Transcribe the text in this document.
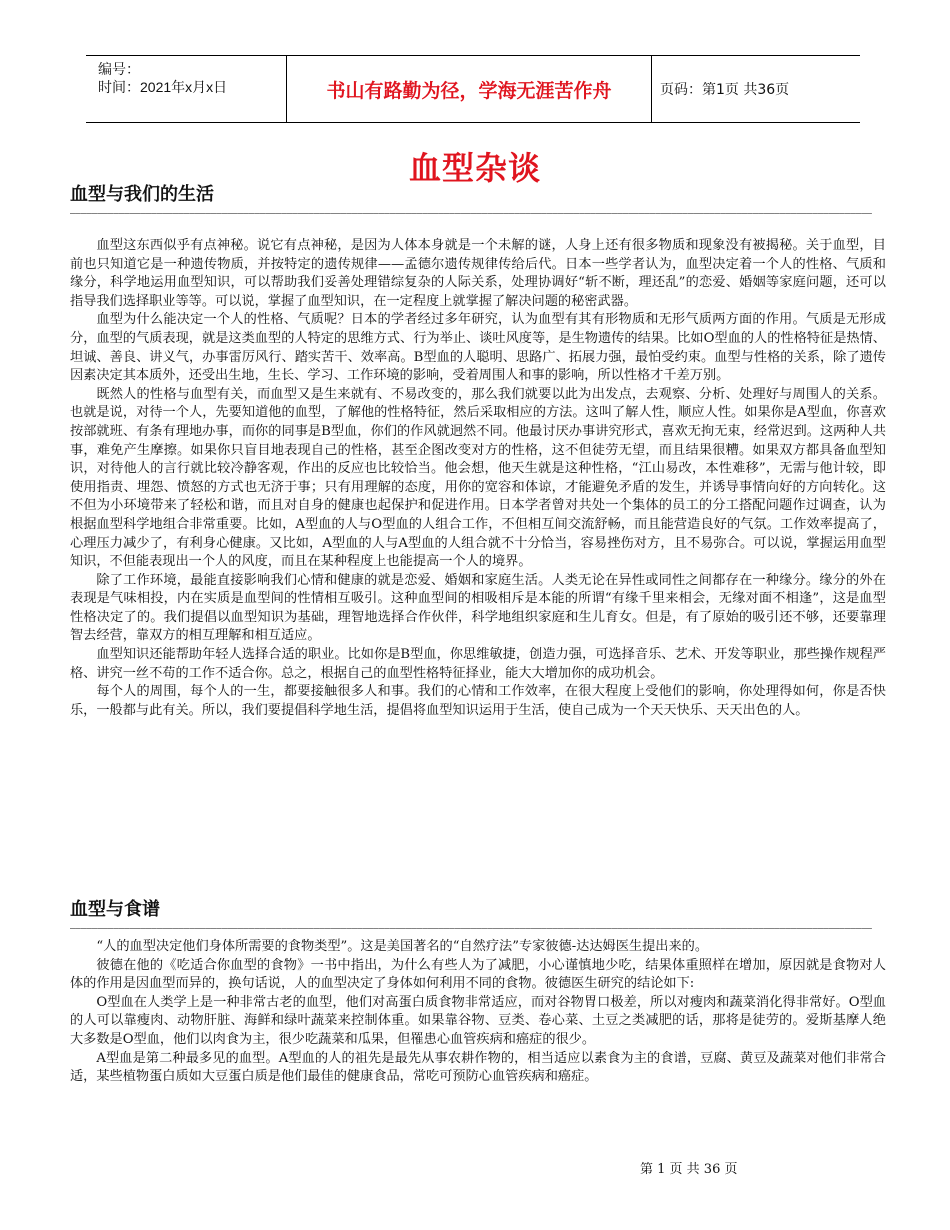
编号：
时间：2021年x月x日	书山有路勤为径，学海无涯苦作舟	页码：第1页 共36页
血型杂谈
血型与我们的生活
————————————————————————————————————————————————————————————————————————————————————————————————————————————————————————————————————————————————————

血型这东西似乎有点神秘。说它有点神秘，是因为人体本身就是一个未解的谜，人身上还有很多物质和现象没有被揭秘。关于血型，目前也只知道它是一种遗传物质，并按特定的遗传规律——孟德尔遗传规律传给后代。日本一些学者认为，血型决定着一个人的性格、气质和缘分，科学地运用血型知识，可以帮助我们妥善处理错综复杂的人际关系，处理协调好“斩不断，理还乱”的恋爱、婚姻等家庭问题，还可以指导我们选择职业等等。可以说，掌握了血型知识，在一定程度上就掌握了解决问题的秘密武器。

血型为什么能决定一个人的性格、气质呢？日本的学者经过多年研究，认为血型有其有形物质和无形气质两方面的作用。气质是无形成分，血型的气质表现，就是这类血型的人特定的思维方式、行为举止、谈吐风度等，是生物遗传的结果。比如O型血的人的性格特征是热情、坦诚、善良、讲义气，办事雷厉风行、踏实苦干、效率高。B型血的人聪明、思路广、拓展力强，最怕受约束。血型与性格的关系，除了遗传因素决定其本质外，还受出生地，生长、学习、工作环境的影响，受着周围人和事的影响，所以性格才千差万别。

既然人的性格与血型有关，而血型又是生来就有、不易改变的，那么我们就要以此为出发点，去观察、分析、处理好与周围人的关系。也就是说，对待一个人，先要知道他的血型，了解他的性格特征，然后采取相应的方法。这叫了解人性，顺应人性。如果你是A型血，你喜欢按部就班、有条有理地办事，而你的同事是B型血，你们的作风就迥然不同。他最讨厌办事讲究形式，喜欢无拘无束，经常迟到。这两种人共事，难免产生摩擦。如果你只盲目地表现自己的性格，甚至企图改变对方的性格，这不但徒劳无望，而且结果很糟。如果双方都具备血型知识，对待他人的言行就比较冷静客观，作出的反应也比较恰当。他会想，他天生就是这种性格，“江山易改，本性难移”，无需与他计较，即使用指责、埋怨、愤怒的方式也无济于事；只有用理解的态度，用你的宽容和体谅，才能避免矛盾的发生，并诱导事情向好的方向转化。这不但为小环境带来了轻松和谐，而且对自身的健康也起保护和促进作用。日本学者曾对共处一个集体的员工的分工搭配问题作过调查，认为根据血型科学地组合非常重要。比如，A型血的人与O型血的人组合工作，不但相互间交流舒畅，而且能营造良好的气氛。工作效率提高了，心理压力减少了，有利身心健康。又比如，A型血的人与A型血的人组合就不十分恰当，容易挫伤对方，且不易弥合。可以说，掌握运用血型知识，不但能表现出一个人的风度，而且在某种程度上也能提高一个人的境界。

除了工作环境，最能直接影响我们心情和健康的就是恋爱、婚姻和家庭生活。人类无论在异性或同性之间都存在一种缘分。缘分的外在表现是气味相投，内在实质是血型间的性情相互吸引。这种血型间的相吸相斥是本能的所谓“有缘千里来相会，无缘对面不相逢”，这是血型性格决定了的。我们提倡以血型知识为基础，理智地选择合作伙伴，科学地组织家庭和生儿育女。但是，有了原始的吸引还不够，还要靠理智去经营，靠双方的相互理解和相互适应。

血型知识还能帮助年轻人选择合适的职业。比如你是B型血，你思维敏捷，创造力强，可选择音乐、艺术、开发等职业，那些操作规程严格、讲究一丝不苟的工作不适合你。总之，根据自己的血型性格特征择业，能大大增加你的成功机会。

每个人的周围，每个人的一生，都要接触很多人和事。我们的心情和工作效率，在很大程度上受他们的影响，你处理得如何，你是否快乐，一般都与此有关。所以，我们要提倡科学地生活，提倡将血型知识运用于生活，使自己成为一个天天快乐、天天出色的人。

血型与食谱
————————————————————————————————————————————————————————————————————————————————————————————————————————————————————————————————————————————————————

“人的血型决定他们身体所需要的食物类型”。这是美国著名的“自然疗法”专家彼德-达达姆医生提出来的。

彼德在他的《吃适合你血型的食物》一书中指出，为什么有些人为了减肥，小心谨慎地少吃，结果体重照样在增加，原因就是食物对人体的作用是因血型而异的，换句话说，人的血型决定了身体如何利用不同的食物。彼德医生研究的结论如下:

O型血在人类学上是一种非常古老的血型，他们对高蛋白质食物非常适应，而对谷物胃口极差，所以对瘦肉和蔬菜消化得非常好。O型血的人可以靠瘦肉、动物肝脏、海鲜和绿叶蔬菜来控制体重。如果靠谷物、豆类、卷心菜、土豆之类减肥的话，那将是徒劳的。爱斯基摩人绝大多数是O型血，他们以肉食为主，很少吃蔬菜和瓜果，但罹患心血管疾病和癌症的很少。

A型血是第二种最多见的血型。A型血的人的祖先是最先从事农耕作物的，相当适应以素食为主的食谱，豆腐、黄豆及蔬菜对他们非常合适，某些植物蛋白质如大豆蛋白质是他们最佳的健康食品，常吃可预防心血管疾病和癌症。

第 1 页 共 36 页
